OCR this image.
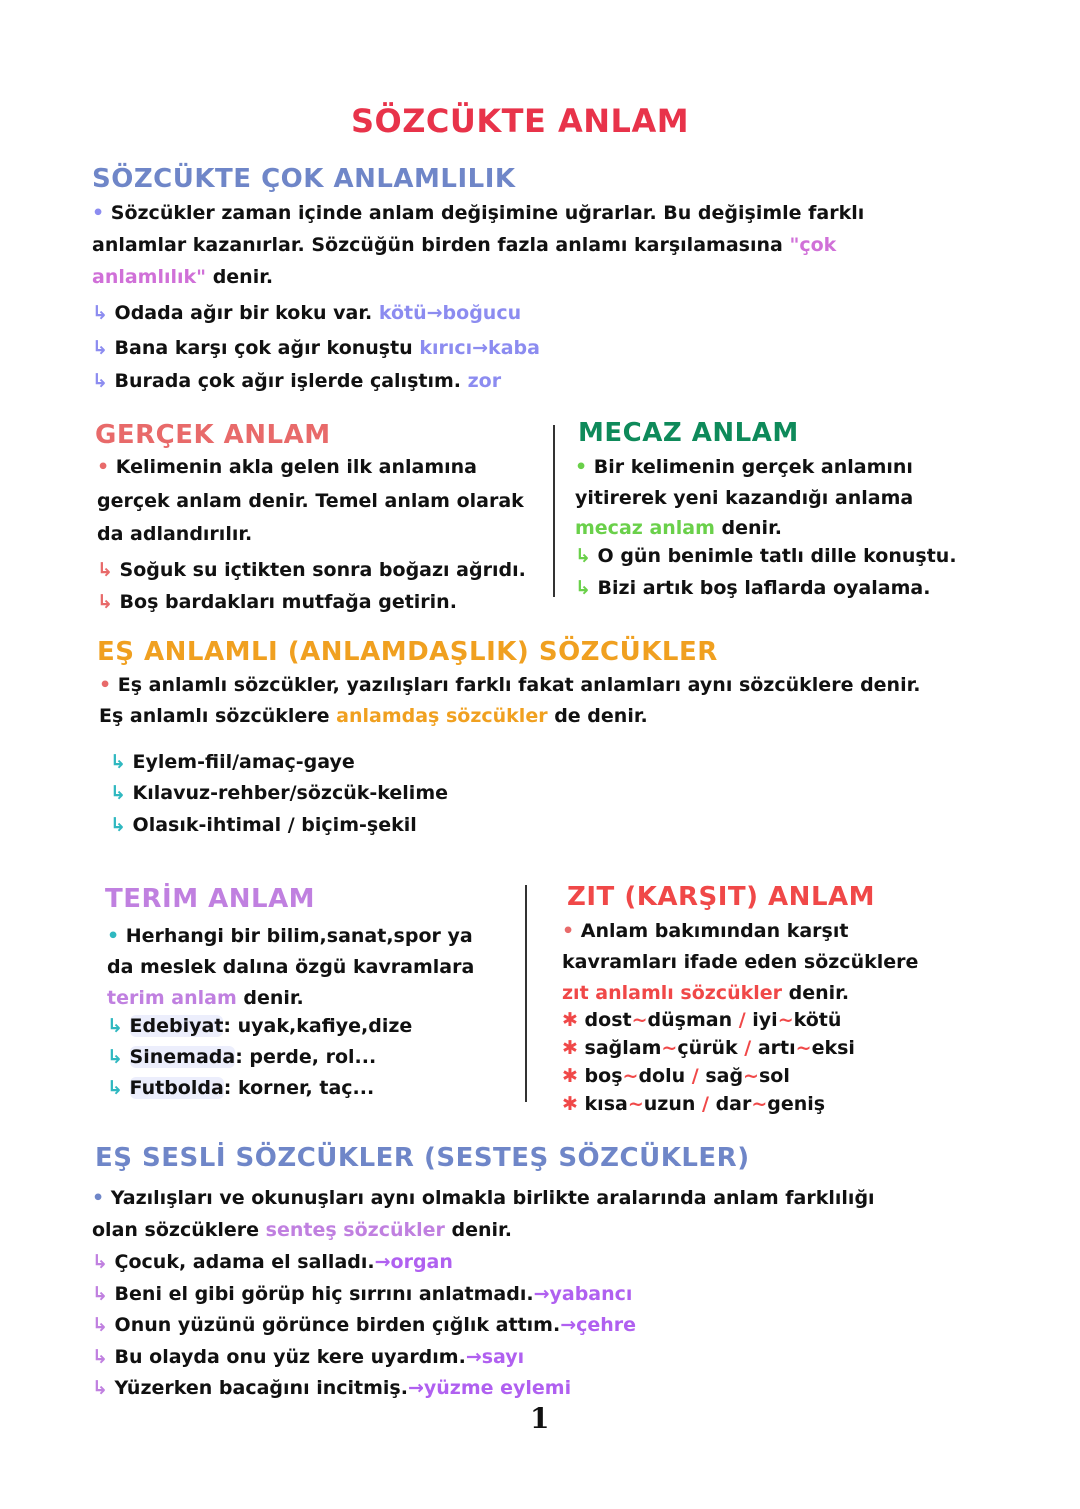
SÖZCÜKTE ANLAM
1
SÖZCÜKTE ÇOK ANLAMLILIK
• Sözcükler zaman içinde anlam değişimine uğrarlar. Bu değişimle farklı
anlamlar kazanırlar. Sözcüğün birden fazla anlamı karşılamasına "çok
anlamlılık" denir.
↳ Odada ağır bir koku var. kötü→boğucu
↳ Bana karşı çok ağır konuştu kırıcı→kaba
↳ Burada çok ağır işlerde çalıştım. zor
GERÇEK ANLAM
• Kelimenin akla gelen ilk anlamına
gerçek anlam denir. Temel anlam olarak
da adlandırılır.
↳ Soğuk su içtikten sonra boğazı ağrıdı.
↳ Boş bardakları mutfağa getirin.
MECAZ ANLAM
• Bir kelimenin gerçek anlamını
yitirerek yeni kazandığı anlama
mecaz anlam denir.
↳ O gün benimle tatlı dille konuştu.
↳ Bizi artık boş laflarda oyalama.
EŞ ANLAMLI (ANLAMDAŞLIK) SÖZCÜKLER
• Eş anlamlı sözcükler, yazılışları farklı fakat anlamları aynı sözcüklere denir.
Eş anlamlı sözcüklere anlamdaş sözcükler de denir.
↳ Eylem-fiil/amaç-gaye
↳ Kılavuz-rehber/sözcük-kelime
↳ Olasık-ihtimal / biçim-şekil
TERİM ANLAM
• Herhangi bir bilim,sanat,spor ya
da meslek dalına özgü kavramlara
terim anlam denir.
↳ Edebiyat: uyak,kafiye,dize
↳ Sinemada: perde, rol...
↳ Futbolda: korner, taç...
ZIT (KARŞIT) ANLAM
• Anlam bakımından karşıt
kavramları ifade eden sözcüklere
zıt anlamlı sözcükler denir.
✱ dost~düşman / iyi~kötü
✱ sağlam~çürük / artı~eksi
✱ boş~dolu / sağ~sol
✱ kısa~uzun / dar~geniş
EŞ SESLİ SÖZCÜKLER (SESTEŞ SÖZCÜKLER)
• Yazılışları ve okunuşları aynı olmakla birlikte aralarında anlam farklılığı
olan sözcüklere senteş sözcükler denir.
↳ Çocuk, adama el salladı.→organ
↳ Beni el gibi görüp hiç sırrını anlatmadı.→yabancı
↳ Onun yüzünü görünce birden çığlık attım.→çehre
↳ Bu olayda onu yüz kere uyardım.→sayı
↳ Yüzerken bacağını incitmiş.→yüzme eylemi
